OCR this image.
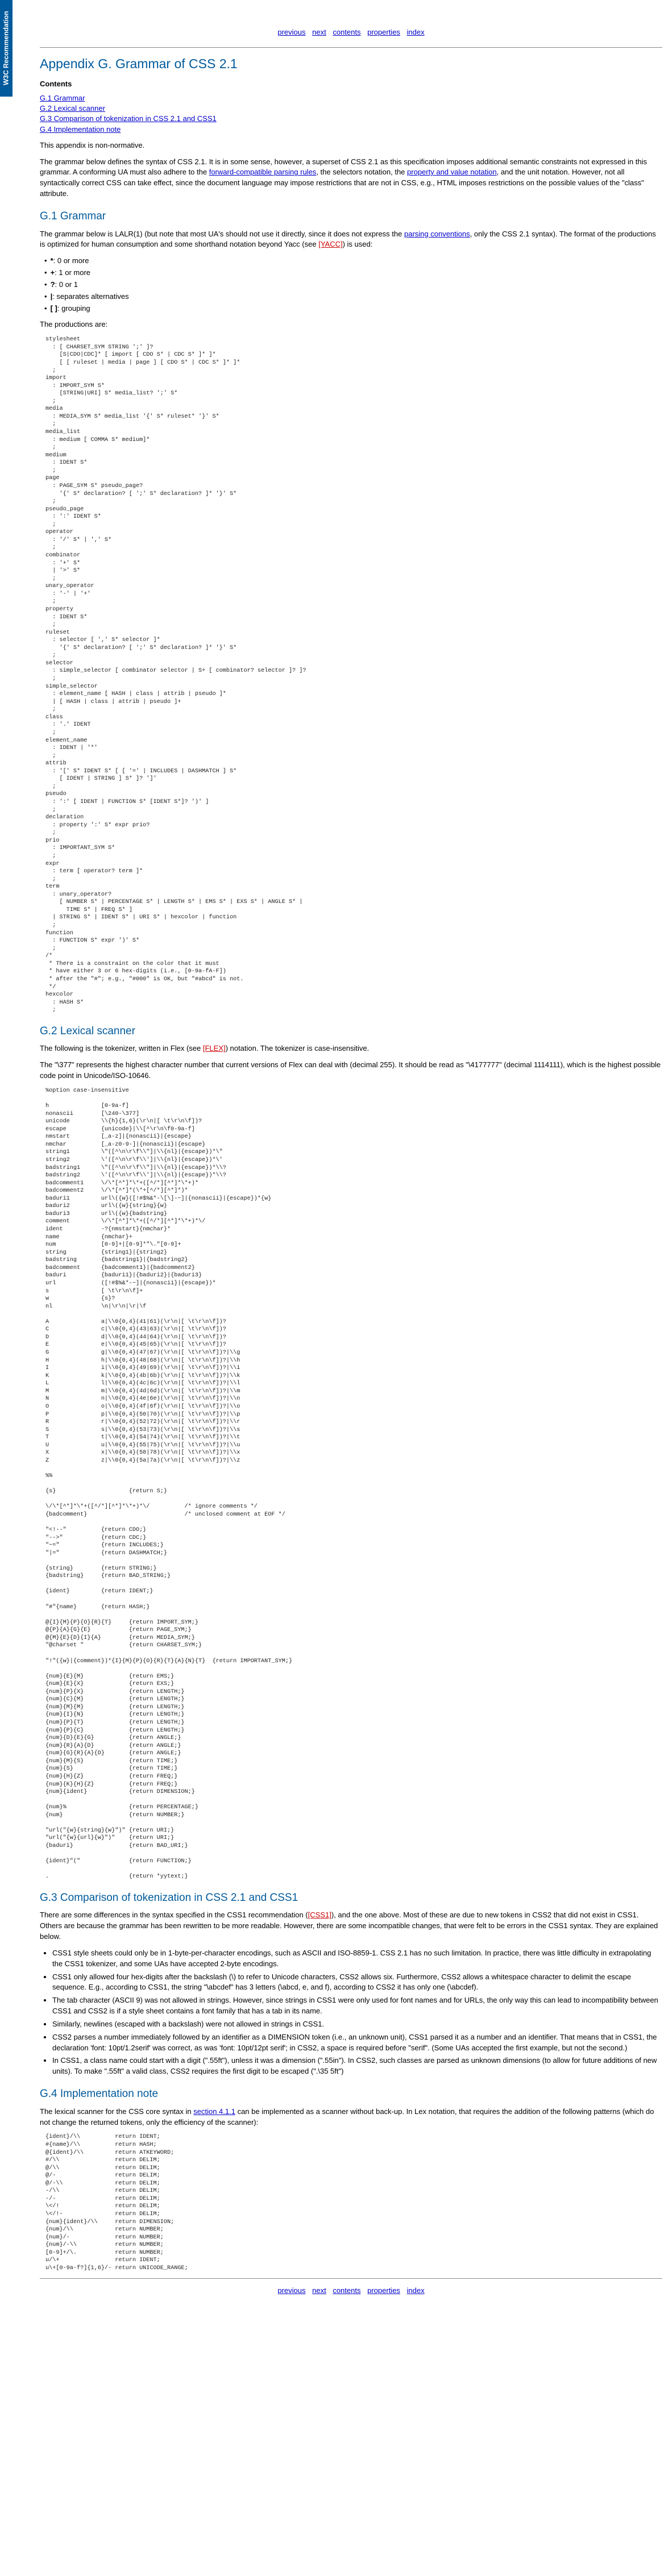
W3C Recommendation	previous next contents properties index
Appendix G. Grammar of CSS 2.1
Contents
G.1 Grammar
G.2 Lexical scanner
G.3 Comparison of tokenization in CSS 2.1 and CSS1
G.4 Implementation note

This appendix is non-normative.

The grammar below defines the syntax of CSS 2.1. It is in some sense, however, a superset of CSS 2.1 as this specification imposes additional semantic constraints not expressed in this grammar. A conforming UA must also adhere to the forward-compatible parsing rules, the selectors notation, the property and value notation, and the unit notation. However, not all syntactically correct CSS can take effect, since the document language may impose restrictions that are not in CSS, e.g., HTML imposes restrictions on the possible values of the "class" attribute.

G.1 Grammar

The grammar below is LALR(1) (but note that most UA's should not use it directly, since it does not express the parsing conventions, only the CSS 2.1 syntax). The format of the productions is optimized for human consumption and some shorthand notation beyond Yacc (see [YACC]) is used:

• *: 0 or more
• +: 1 or more
• ?: 0 or 1
• |: separates alternatives
• [ ]: grouping

The productions are:

stylesheet
: [ CHARSET_SYM STRING ';' ]?
[S|CDO|CDC]* [ import [ CDO S* | CDC S* ]* ]*
[ [ ruleset | media | page ] [ CDO S* | CDC S* ]* ]*
;
import
: IMPORT_SYM S*
[STRING|URI] S* media_list? ';' S*
;
media
: MEDIA_SYM S* media_list '{' S* ruleset* '}' S*
;
media_list
: medium [ COMMA S* medium]*
;
medium
: IDENT S*
;
page
: PAGE_SYM S* pseudo_page?
'{' S* declaration? [ ';' S* declaration? ]* '}' S*
;
pseudo_page
: ':' IDENT S*
;
operator
: '/' S* | ',' S*
;
combinator
: '+' S*
| '>' S*
;
unary_operator
: '-' | '+'
;
property
: IDENT S*
;
ruleset
: selector [ ',' S* selector ]*
'{' S* declaration? [ ';' S* declaration? ]* '}' S*
;
selector
: simple_selector [ combinator selector | S+ [ combinator? selector ]? ]?
;
simple_selector
: element_name [ HASH | class | attrib | pseudo ]*
| [ HASH | class | attrib | pseudo ]+
;
class
: '.' IDENT
;
element_name
: IDENT | '*'
;
attrib
: '[' S* IDENT S* [ [ '=' | INCLUDES | DASHMATCH ] S*
[ IDENT | STRING ] S* ]? ']'
;
pseudo
: ':' [ IDENT | FUNCTION S* [IDENT S*]? ')' ]
;
declaration
: property ':' S* expr prio?
;
prio
: IMPORTANT_SYM S*
;
expr
: term [ operator? term ]*
;
term
: unary_operator?
[ NUMBER S* | PERCENTAGE S* | LENGTH S* | EMS S* | EXS S* | ANGLE S* |
TIME S* | FREQ S* ]
| STRING S* | IDENT S* | URI S* | hexcolor | function
;
function
: FUNCTION S* expr ')' S*
;
/*
* There is a constraint on the color that it must
* have either 3 or 6 hex-digits (i.e., [0-9a-fA-F])
* after the "#"; e.g., "#000" is OK, but "#abcd" is not.
*/
hexcolor
: HASH S*
;
G.2 Lexical scanner

The following is the tokenizer, written in Flex (see [FLEX]) notation. The tokenizer is case-insensitive.

The "\377" represents the highest character number that current versions of Flex can deal with (decimal 255). It should be read as "\4177777" (decimal 1114111), which is the highest possible code point in Unicode/ISO-10646.

%option case-insensitive

h               [0-9a-f]
nonascii        [\240-\377]
unicode         \\{h}{1,6}(\r\n|[ \t\r\n\f])?
escape          {unicode}|\\[^\r\n\f0-9a-f]
nmstart         [_a-z]|{nonascii}|{escape}
nmchar          [_a-z0-9-]|{nonascii}|{escape}
string1         \"([^\n\r\f\\"]|\\{nl}|{escape})*\"
string2         \'([^\n\r\f\\']|\\{nl}|{escape})*\'
badstring1      \"([^\n\r\f\\"]|\\{nl}|{escape})*\\?
badstring2      \'([^\n\r\f\\']|\\{nl}|{escape})*\\?
badcomment1     \/\*[^*]*\*+([^/*][^*]*\*+)*
badcomment2     \/\*[^*]*(\*+[^/*][^*]*)*
baduri1         url\({w}([!#$%&*-\[\]-~]|{nonascii}|{escape})*{w}
baduri2         url\({w}{string}{w}
baduri3         url\({w}{badstring}
comment         \/\*[^*]*\*+([^/*][^*]*\*+)*\/
ident           -?{nmstart}{nmchar}*
name            {nmchar}+
num             [0-9]+|[0-9]*"\."[0-9]+
string          {string1}|{string2}
badstring       {badstring1}|{badstring2}
badcomment      {badcomment1}|{badcomment2}
baduri          {baduri1}|{baduri2}|{baduri3}
url             ([!#$%&*-~]|{nonascii}|{escape})*
s               [ \t\r\n\f]+
w               {s}?
nl              \n|\r\n|\r|\f

A               a|\\0{0,4}(41|61)(\r\n|[ \t\r\n\f])?
C               c|\\0{0,4}(43|63)(\r\n|[ \t\r\n\f])?
D               d|\\0{0,4}(44|64)(\r\n|[ \t\r\n\f])?
E               e|\\0{0,4}(45|65)(\r\n|[ \t\r\n\f])?
G               g|\\0{0,4}(47|67)(\r\n|[ \t\r\n\f])?|\\g
H               h|\\0{0,4}(48|68)(\r\n|[ \t\r\n\f])?|\\h
I               i|\\0{0,4}(49|69)(\r\n|[ \t\r\n\f])?|\\i
K               k|\\0{0,4}(4b|6b)(\r\n|[ \t\r\n\f])?|\\k
L               l|\\0{0,4}(4c|6c)(\r\n|[ \t\r\n\f])?|\\l
M               m|\\0{0,4}(4d|6d)(\r\n|[ \t\r\n\f])?|\\m
N               n|\\0{0,4}(4e|6e)(\r\n|[ \t\r\n\f])?|\\n
O               o|\\0{0,4}(4f|6f)(\r\n|[ \t\r\n\f])?|\\o
P               p|\\0{0,4}(50|70)(\r\n|[ \t\r\n\f])?|\\p
R               r|\\0{0,4}(52|72)(\r\n|[ \t\r\n\f])?|\\r
S               s|\\0{0,4}(53|73)(\r\n|[ \t\r\n\f])?|\\s
T               t|\\0{0,4}(54|74)(\r\n|[ \t\r\n\f])?|\\t
U               u|\\0{0,4}(55|75)(\r\n|[ \t\r\n\f])?|\\u
X               x|\\0{0,4}(58|78)(\r\n|[ \t\r\n\f])?|\\x
Z               z|\\0{0,4}(5a|7a)(\r\n|[ \t\r\n\f])?|\\z

%%

{s}                     {return S;}

\/\*[^*]*\*+([^/*][^*]*\*+)*\/          /* ignore comments */
{badcomment}                            /* unclosed comment at EOF */

"<!--"          {return CDO;}
"-->"           {return CDC;}
"~="            {return INCLUDES;}
"|="            {return DASHMATCH;}

{string}        {return STRING;}
{badstring}     {return BAD_STRING;}

{ident}         {return IDENT;}

"#"{name}       {return HASH;}

@{I}{M}{P}{O}{R}{T}     {return IMPORT_SYM;}
@{P}{A}{G}{E}           {return PAGE_SYM;}
@{M}{E}{D}{I}{A}        {return MEDIA_SYM;}
"@charset "             {return CHARSET_SYM;}

"!"({w}|{comment})*{I}{M}{P}{O}{R}{T}{A}{N}{T}  {return IMPORTANT_SYM;}

{num}{E}{M}             {return EMS;}
{num}{E}{X}             {return EXS;}
{num}{P}{X}             {return LENGTH;}
{num}{C}{M}             {return LENGTH;}
{num}{M}{M}             {return LENGTH;}
{num}{I}{N}             {return LENGTH;}
{num}{P}{T}             {return LENGTH;}
{num}{P}{C}             {return LENGTH;}
{num}{D}{E}{G}          {return ANGLE;}
{num}{R}{A}{D}          {return ANGLE;}
{num}{G}{R}{A}{D}       {return ANGLE;}
{num}{M}{S}             {return TIME;}
{num}{S}                {return TIME;}
{num}{H}{Z}             {return FREQ;}
{num}{K}{H}{Z}          {return FREQ;}
{num}{ident}            {return DIMENSION;}

{num}%                  {return PERCENTAGE;}
{num}                   {return NUMBER;}

"url("{w}{string}{w}")" {return URI;}
"url("{w}{url}{w}")"    {return URI;}
{baduri}                {return BAD_URI;}

{ident}"("              {return FUNCTION;}

.                       {return *yytext;}
G.3 Comparison of tokenization in CSS 2.1 and CSS1

There are some differences in the syntax specified in the CSS1 recommendation ([CSS1]), and the one above. Most of these are due to new tokens in CSS2 that did not exist in CSS1. Others are because the grammar has been rewritten to be more readable. However, there are some incompatible changes, that were felt to be errors in the CSS1 syntax. They are explained below.

• CSS1 style sheets could only be in 1-byte-per-character encodings, such as ASCII and ISO-8859-1. CSS 2.1 has no such limitation. In practice, there was little difficulty in extrapolating the CSS1 tokenizer, and some UAs have accepted 2-byte encodings.
• CSS1 only allowed four hex-digits after the backslash (\) to refer to Unicode characters, CSS2 allows six. Furthermore, CSS2 allows a whitespace character to delimit the escape sequence. E.g., according to CSS1, the string "\abcdef" has 3 letters (\abcd, e, and f), according to CSS2 it has only one (\abcdef).
• The tab character (ASCII 9) was not allowed in strings. However, since strings in CSS1 were only used for font names and for URLs, the only way this can lead to incompatibility between CSS1 and CSS2 is if a style sheet contains a font family that has a tab in its name.
• Similarly, newlines (escaped with a backslash) were not allowed in strings in CSS1.
• CSS2 parses a number immediately followed by an identifier as a DIMENSION token (i.e., an unknown unit), CSS1 parsed it as a number and an identifier. That means that in CSS1, the declaration 'font: 10pt/1.2serif' was correct, as was 'font: 10pt/12pt serif'; in CSS2, a space is required before "serif". (Some UAs accepted the first example, but not the second.)
• In CSS1, a class name could start with a digit (".55ft"), unless it was a dimension (".55in"). In CSS2, such classes are parsed as unknown dimensions (to allow for future additions of new units). To make ".55ft" a valid class, CSS2 requires the first digit to be escaped (".\35 5ft")
G.4 Implementation note

The lexical scanner for the CSS core syntax in section 4.1.1 can be implemented as a scanner without back-up. In Lex notation, that requires the addition of the following patterns (which do not change the returned tokens, only the efficiency of the scanner):

{ident}/\\          return IDENT;
#{name}/\\          return HASH;
@{ident}/\\         return ATKEYWORD;
#/\\                return DELIM;
@/\\                return DELIM;
@/-                 return DELIM;
@/-\\               return DELIM;
-/\\                return DELIM;
-/-                 return DELIM;
\</!                return DELIM;
\</!-               return DELIM;
{num}{ident}/\\     return DIMENSION;
{num}/\\            return NUMBER;
{num}/-             return NUMBER;
{num}/-\\           return NUMBER;
[0-9]+/\.           return NUMBER;
u/\+                return IDENT;
u\+[0-9a-f?]{1,6}/- return UNICODE_RANGE;
previous next contents properties index
